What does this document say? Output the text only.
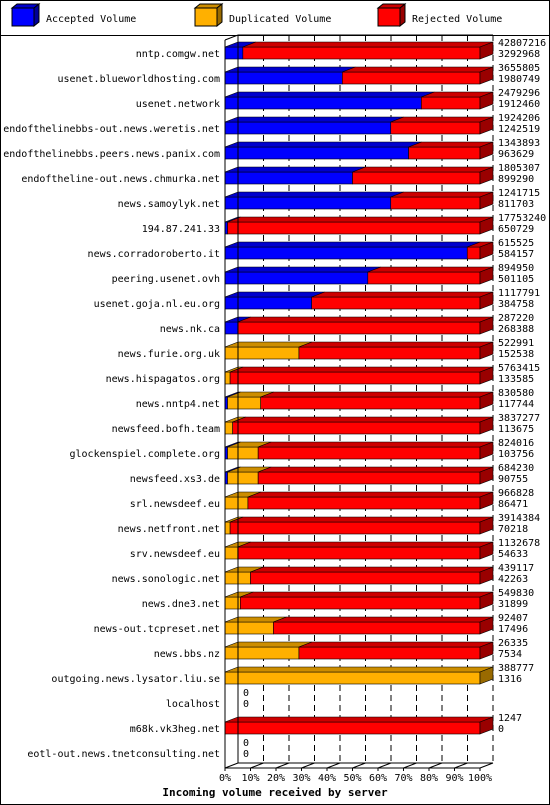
Accepted Volume	Duplicated Volume	Rejected Volume
nntp.comgw.net
usenet.blueworldhosting.com
usenet.network
endofthelinebbs-out.news.weretis.net
endofthelinebbs.peers.news.panix.com
endoftheline-out.news.chmurka.net
news.samoylyk.net
194.87.241.33
news.corradoroberto.it
peering.usenet.ovh
usenet.goja.nl.eu.org
news.nk.ca
news.furie.org.uk
news.hispagatos.org
news.nntp4.net
newsfeed.bofh.team
glockenspiel.complete.org
newsfeed.xs3.de
srl.newsdeef.eu
news.netfront.net
srv.newsdeef.eu
news.sonologic.net
news.dne3.net
news-out.tcpreset.net
news.bbs.nz
outgoing.news.lysator.liu.se
localhost
m68k.vk3heg.net
eotl-out.news.tnetconsulting.net
42807216
3292968
3655805
1980749
2479296
1912460
1924206
1242519
1343893
963629
1805307
899290
1241715
811703
17753240
650729
615525
584157
894950
501105
1117791
384758
287220
268388
522991
152538
5763415
133585
830580
117744
3837277
113675
824016
103756
684230
90755
966828
86471
3914384
70218
1132678
54633
439117
42263
549830
31899
92407
17496
26335
7534
388777
1316
0
0
1247
0
0
0
0% 10% 20% 30% 40% 50% 60% 70% 80% 90% 100%
Incoming volume received by server
